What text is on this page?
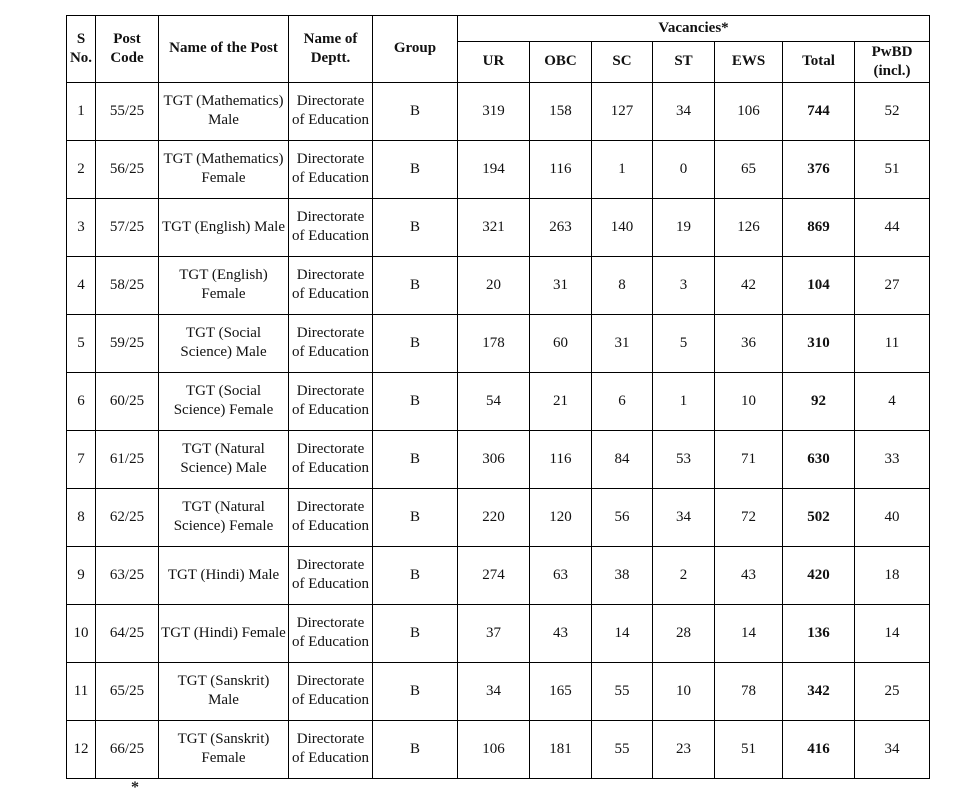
S No.	Post Code	Name of the Post	Name of Deptt.	Group	Vacancies*						
					UR	OBC	SC	ST	EWS	Total	PwBD (incl.)
1	55/25	TGT (Mathematics) Male	Directorate of Education	B	319	158	127	34	106	744	52
2	56/25	TGT (Mathematics) Female	Directorate of Education	B	194	116	1	0	65	376	51
3	57/25	TGT (English) Male	Directorate of Education	B	321	263	140	19	126	869	44
4	58/25	TGT (English) Female	Directorate of Education	B	20	31	8	3	42	104	27
5	59/25	TGT (Social Science) Male	Directorate of Education	B	178	60	31	5	36	310	11
6	60/25	TGT (Social Science) Female	Directorate of Education	B	54	21	6	1	10	92	4
7	61/25	TGT (Natural Science) Male	Directorate of Education	B	306	116	84	53	71	630	33
8	62/25	TGT (Natural Science) Female	Directorate of Education	B	220	120	56	34	72	502	40
9	63/25	TGT (Hindi) Male	Directorate of Education	B	274	63	38	2	43	420	18
10	64/25	TGT (Hindi) Female	Directorate of Education	B	37	43	14	28	14	136	14
11	65/25	TGT (Sanskrit) Male	Directorate of Education	B	34	165	55	10	78	342	25
12	66/25	TGT (Sanskrit) Female	Directorate of Education	B	106	181	55	23	51	416	34
*
